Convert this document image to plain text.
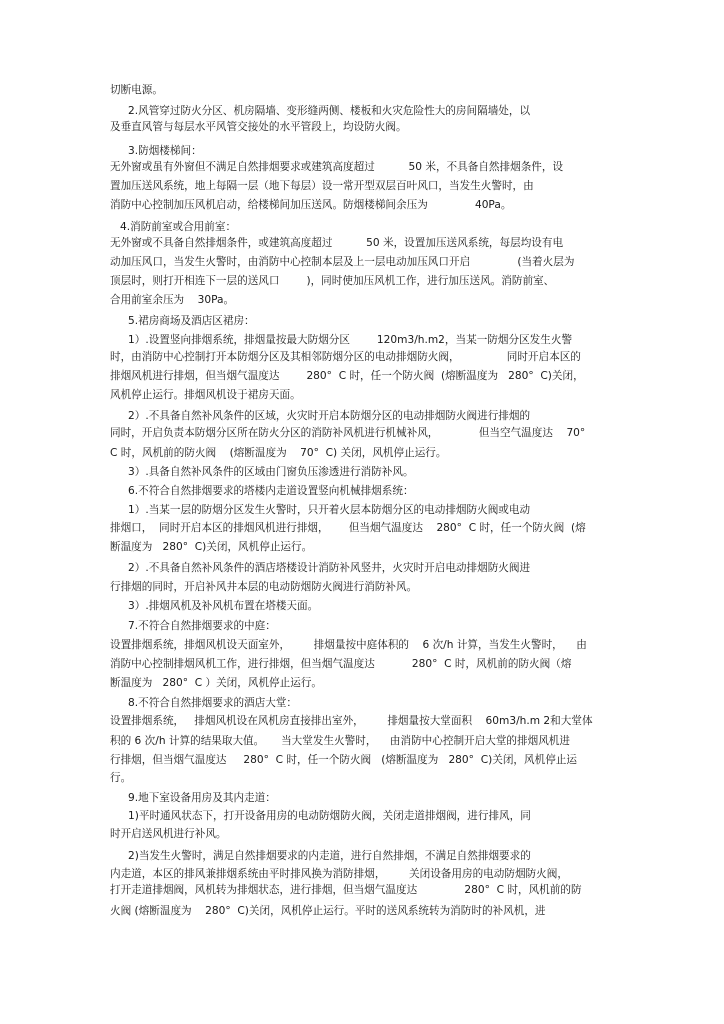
切断电源。
2.风管穿过防火分区、机房隔墙、变形缝两侧、楼板和火灾危险性大的房间隔墙处，以
及垂直风管与每层水平风管交接处的水平管段上，均设防火阀。
3.防烟楼梯间：
无外窗或虽有外窗但不满足自然排烟要求或建筑高度超过          50 米，不具备自然排烟条件，设
置加压送风系统，地上每隔一层（地下每层）设一常开型双层百叶风口，当发生火警时，由
消防中心控制加压风机启动，给楼梯间加压送风。防烟楼梯间余压为              40Pa。
4.消防前室或合用前室：
无外窗或不具备自然排烟条件，或建筑高度超过          50 米，设置加压送风系统，每层均设有电
动加压风口，当发生火警时，由消防中心控制本层及上一层电动加压风口开启              (当着火层为
顶层时，则打开相连下一层的送风口        )，同时使加压风机工作，进行加压送风。消防前室、
合用前室余压为    30Pa。
5.裙房商场及酒店区裙房：
1）.设置竖向排烟系统，排烟量按最大防烟分区        120m3/h.m2，当某一防烟分区发生火警
时，由消防中心控制打开本防烟分区及其相邻防烟分区的电动排烟防火阀，              同时开启本区的
排烟风机进行排烟，但当烟气温度达        280°  C 时，任一个防火阀  (熔断温度为   280°  C)关闭，
风机停止运行。排烟风机设于裙房天面。
2）.不具备自然补风条件的区域，火灾时开启本防烟分区的电动排烟防火阀进行排烟的
同时，开启负责本防烟分区所在防火分区的消防补风机进行机械补风，            但当空气温度达    70°
C 时，风机前的防火阀    (熔断温度为    70°  C) 关闭，风机停止运行。
3）.具备自然补风条件的区域由门窗负压渗透进行消防补风。
6.不符合自然排烟要求的塔楼内走道设置竖向机械排烟系统：
1）.当某一层的防烟分区发生火警时，只开着火层本防烟分区的电动排烟防火阀或电动
排烟口，  同时开启本区的排烟风机进行排烟，      但当烟气温度达    280°  C 时，任一个防火阀  (熔
断温度为   280°  C)关闭，风机停止运行。
2）.不具备自然补风条件的酒店塔楼设计消防补风竖井，火灾时开启电动排烟防火阀进
行排烟的同时，开启补风井本层的电动防烟防火阀进行消防补风。
3）.排烟风机及补风机布置在塔楼天面。
7.不符合自然排烟要求的中庭：
设置排烟系统，排烟风机设天面室外，       排烟量按中庭体积的    6 次/h 计算，当发生火警时，    由
消防中心控制排烟风机工作，进行排烟，但当烟气温度达           280°  C 时，风机前的防火阀（熔
断温度为   280°  C ）关闭，风机停止运行。
8.不符合自然排烟要求的酒店大堂：
设置排烟系统，   排烟风机设在风机房直接排出室外，       排烟量按大堂面积    60m3/h.m 2和大堂体
积的 6 次/h 计算的结果取大值。     当大堂发生火警时，    由消防中心控制开启大堂的排烟风机进
行排烟，但当烟气温度达     280°  C 时，任一个防火阀   (熔断温度为   280°  C)关闭，风机停止运
行。
9.地下室设备用房及其内走道：
1)平时通风状态下，打开设备用房的电动防烟防火阀，关闭走道排烟阀，进行排风，同
时开启送风机进行补风。
2)当发生火警时，满足自然排烟要求的内走道，进行自然排烟，不满足自然排烟要求的
内走道，本区的排风兼排烟系统由平时排风换为消防排烟，       关闭设备用房的电动防烟防火阀，
打开走道排烟阀，风机转为排烟状态，进行排烟，但当烟气温度达              280°  C 时，风机前的防
火阀 (熔断温度为    280°  C)关闭，风机停止运行。平时的送风系统转为消防时的补风机，进
